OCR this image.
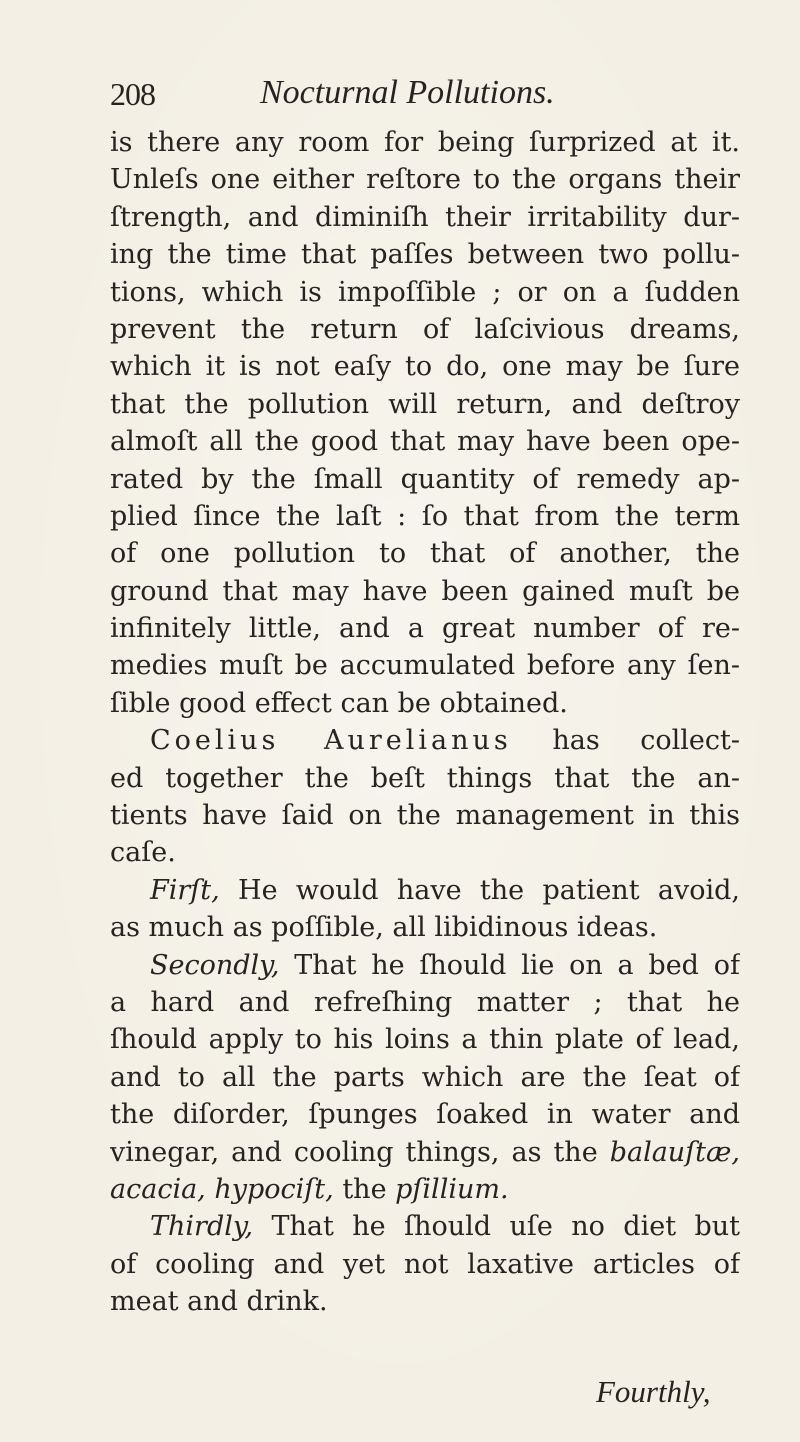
208	Nocturnal Pollutions.
is there any room for being ſurprized at it.
Unleſs one either reſtore to the organs their
ſtrength, and diminiſh their irritability dur-
ing the time that paſſes between two pollu-
tions, which is impoſſible ; or on a ſudden
prevent the return of laſcivious dreams,
which it is not eaſy to do, one may be ſure
that the pollution will return, and deſtroy
almoſt all the good that may have been ope-
rated by the ſmall quantity of remedy ap-
plied ſince the laſt : ſo that from the term
of one pollution to that of another, the
ground that may have been gained muſt be
infinitely little, and a great number of re-
medies muſt be accumulated before any ſen-
ſible good effect can be obtained.
Coelius Aurelianus has collect-
ed together the beſt things that the an-
tients have ſaid on the management in this
caſe.
Firſt, He would have the patient avoid,
as much as poſſible, all libidinous ideas.
Secondly, That he ſhould lie on a bed of
a hard and refreſhing matter ; that he
ſhould apply to his loins a thin plate of lead,
and to all the parts which are the ſeat of
the diſorder, ſpunges ſoaked in water and
vinegar, and cooling things, as the balauſtæ,
acacia, hypociſt, the pſillium.
Thirdly, That he ſhould uſe no diet but
of cooling and yet not laxative articles of
meat and drink.
Fourthly,
